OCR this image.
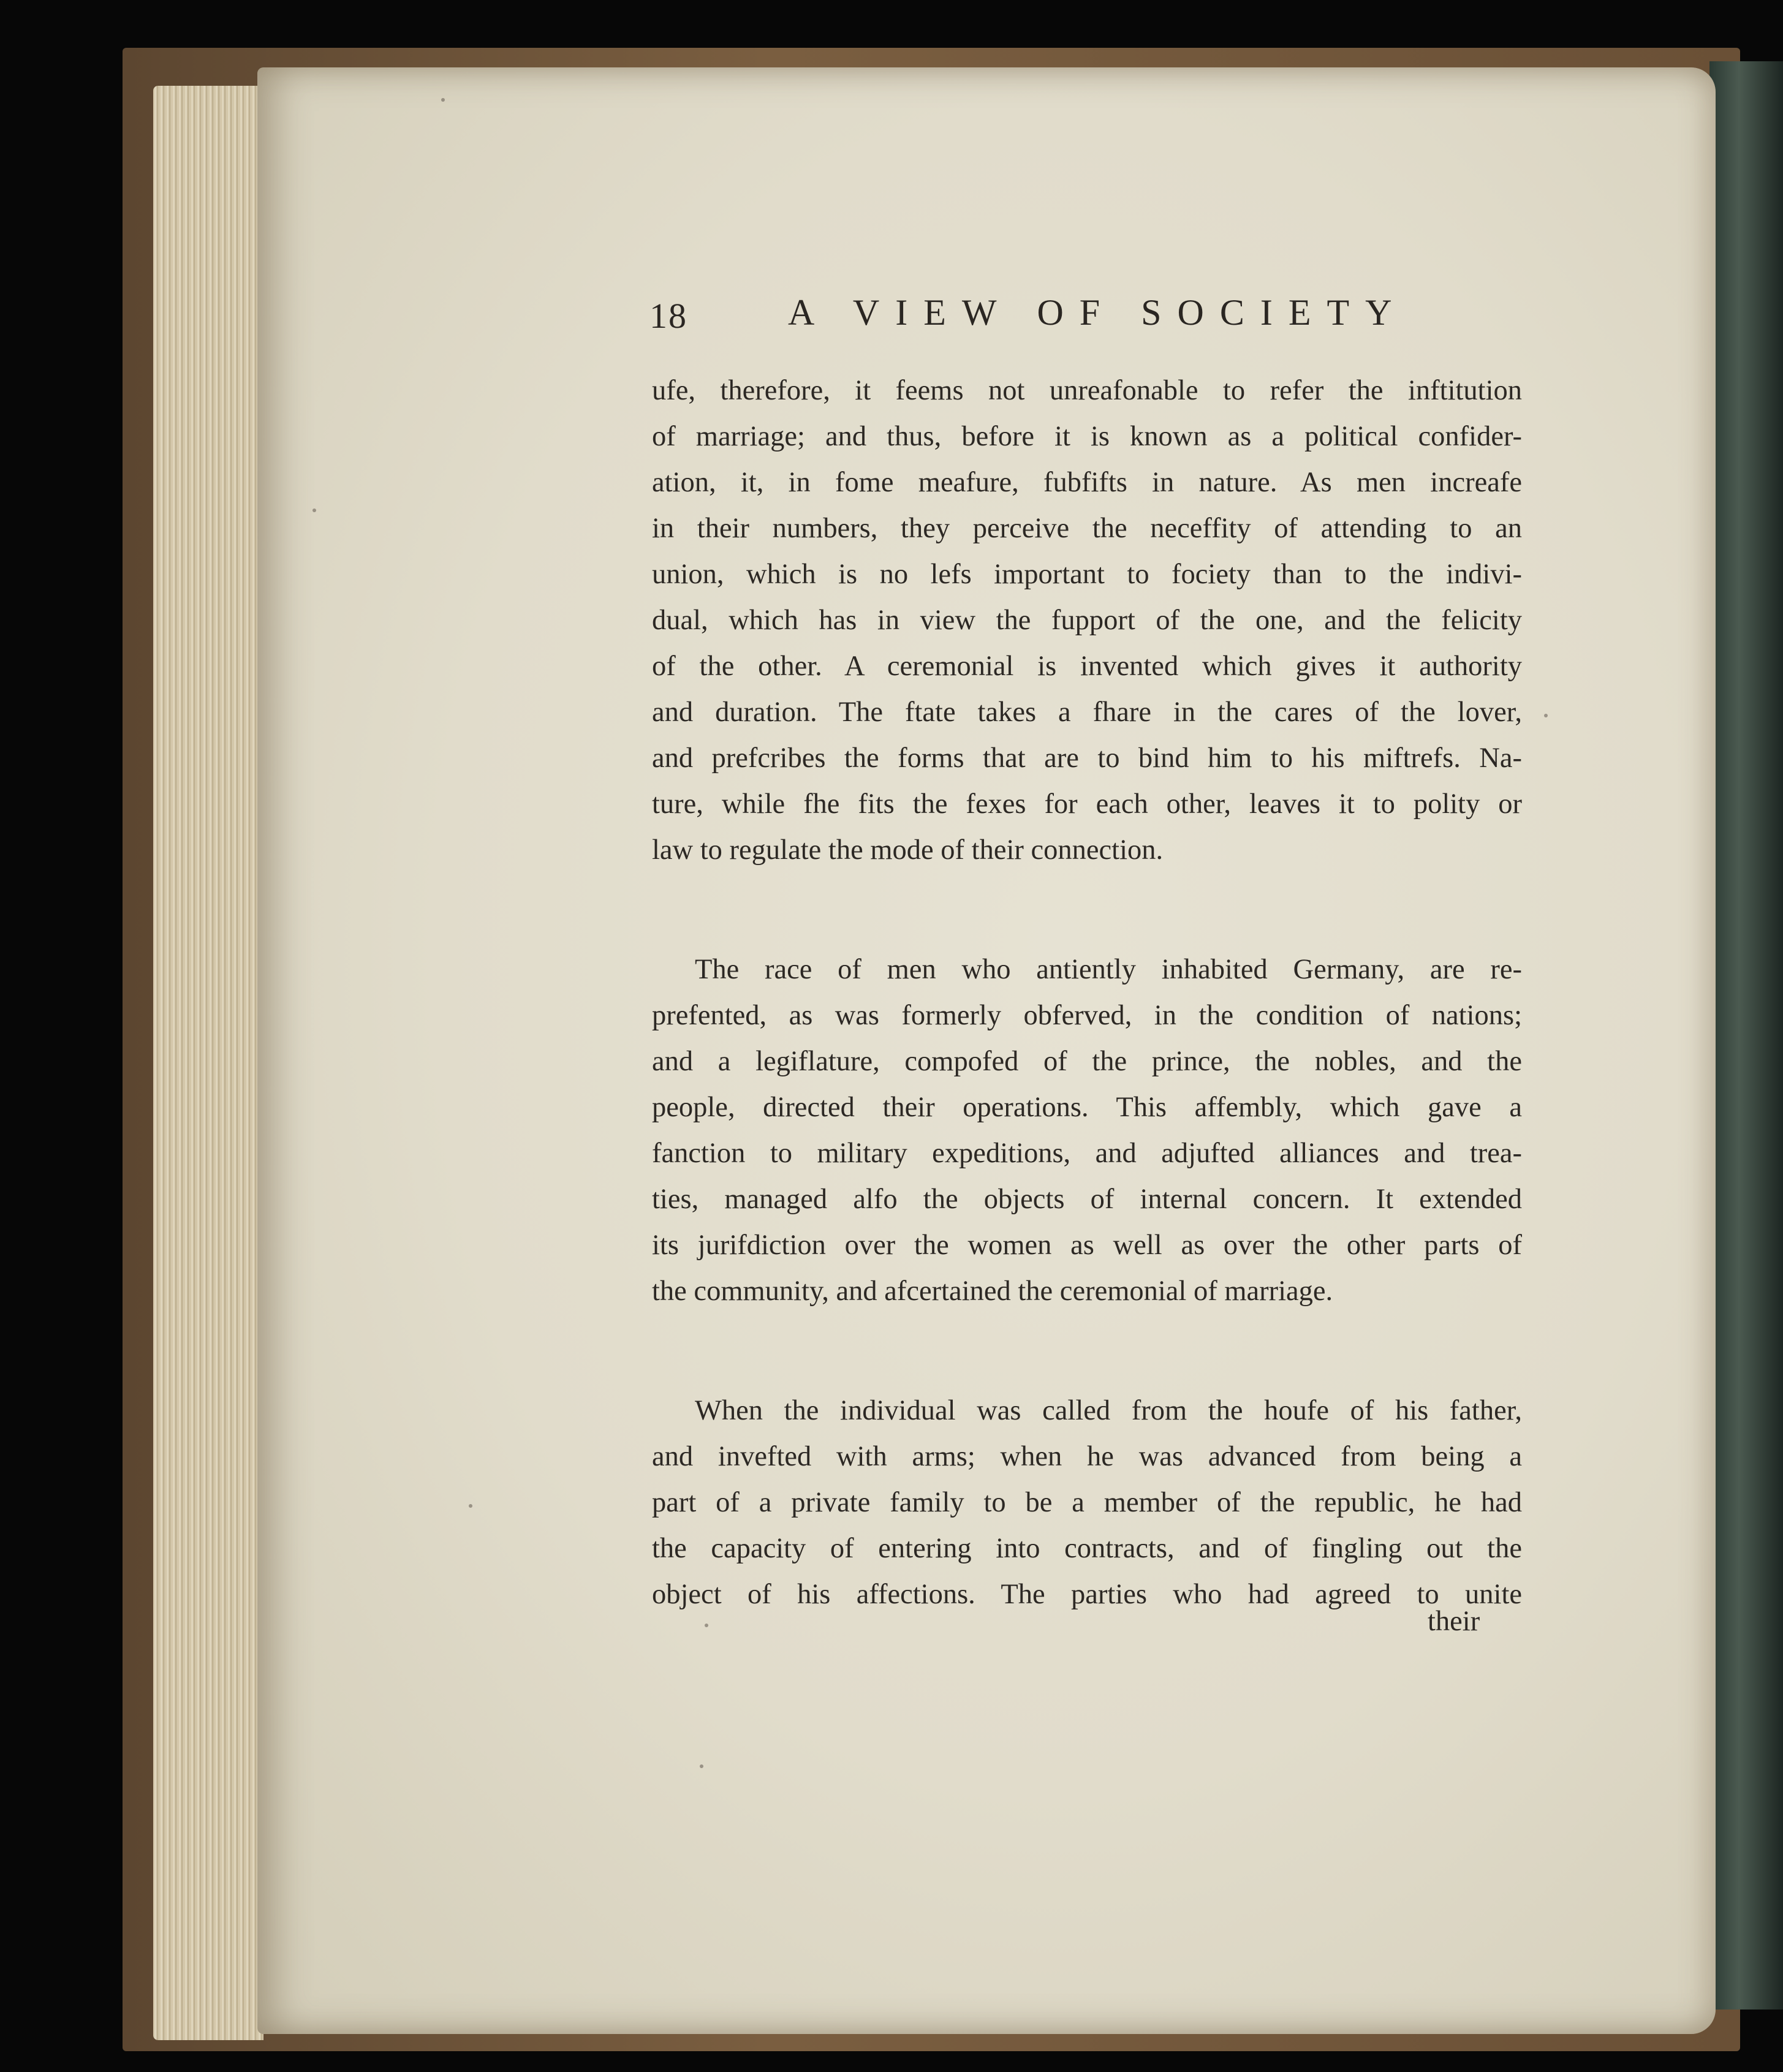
18	A VIEW OF SOCIETY
ufe, therefore, it feems not unreafonable to refer the inftitution
of marriage; and thus, before it is known as a political confider-
ation, it, in fome meafure, fubfifts in nature. As men increafe
in their numbers, they perceive the neceffity of attending to an
union, which is no lefs important to fociety than to the indivi-
dual, which has in view the fupport of the one, and the felicity
of the other. A ceremonial is invented which gives it authority
and duration. The ftate takes a fhare in the cares of the lover,
and prefcribes the forms that are to bind him to his miftrefs. Na-
ture, while fhe fits the fexes for each other, leaves it to polity or
law to regulate the mode of their connection.
The race of men who antiently inhabited Germany, are re-
prefented, as was formerly obferved, in the condition of nations;
and a legiflature, compofed of the prince, the nobles, and the
people, directed their operations. This affembly, which gave a
fanction to military expeditions, and adjufted alliances and trea-
ties, managed alfo the objects of internal concern. It extended
its jurifdiction over the women as well as over the other parts of
the community, and afcertained the ceremonial of marriage.
When the individual was called from the houfe of his father,
and invefted with arms; when he was advanced from being a
part of a private family to be a member of the republic, he had
the capacity of entering into contracts, and of fingling out the
object of his affections. The parties who had agreed to unite
their
